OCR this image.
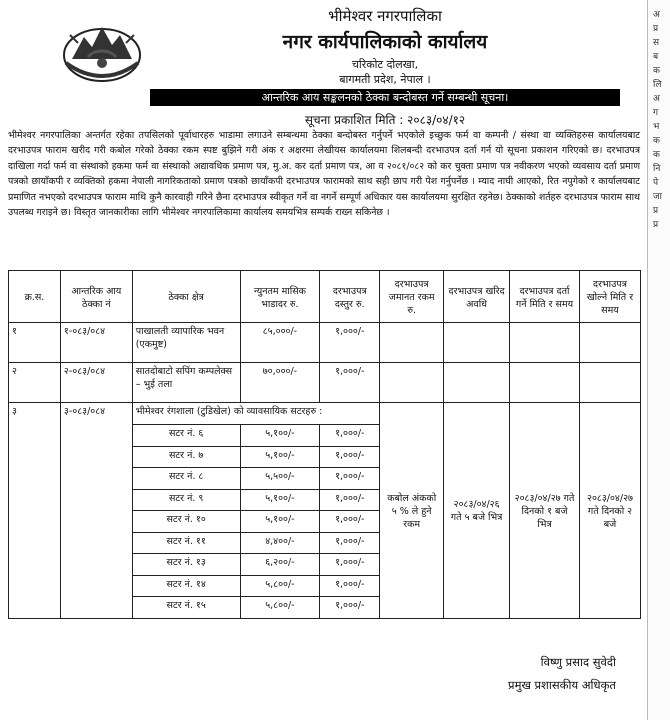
भीमेश्वर नगरपालिका
नगर कार्यपालिकाको कार्यालय
चरिकोट दोलखा,
बागमती प्रदेश, नेपाल ।
आन्तरिक आय सङ्कलनको ठेक्का बन्दोबस्त गर्ने सम्बन्धी सूचना।
सूचना प्रकाशित मिति : २०८३/०४/१२
भीमेश्वर नगरपालिका अन्तर्गत रहेका तपसिलको पूर्वाधारहरु भाडामा लगाउने सम्बन्धमा ठेक्का बन्दोबस्त गर्नुपर्ने भएकोले इच्छुक फर्म वा कम्पनी / संस्था वा व्यक्तिहरुस कार्यालयबाट दरभाउपत्र फाराम खरीद गरी कबोल गरेको ठेक्का रकम स्पष्ट बुझिने गरी अंक र अक्षरमा लेखीयस कार्यालयमा शिलबन्दी दरभाउपत्र दर्ता गर्न यो सूचना प्रकाशन गरिएको छ। दरभाउपत्र दाखिला गर्दा फर्म वा संस्थाको हकमा फर्म वा संस्थाको अद्यावधिक प्रमाण पत्र, मु.अ. कर दर्ता प्रमाण पत्र, आ व २०८१/०८२ को कर चुक्ता प्रमाण पत्र नवीकरण भएको व्यवसाय दर्ता प्रमाण पत्रको छायाँकपी र व्यक्तिको हकमा नेपाली नागरिकताको प्रमाण पत्रको छायाँकपी दरभाउपत्र फारामको साथ सही छाप गरी पेश गर्नुपर्नेछ । म्याद नाघी आएको, रित नपुगेको र कार्यालयबाट प्रमाणित नभएको दरभाउपत्र फाराम माथि कुनै कारवाही गरिने छैना दरभाउपत्र स्वीकृत गर्ने वा नगर्ने सम्पूर्ण अधिकार यस कार्यालयमा सुरक्षित रहनेछ। ठेक्काको शर्तहरु दरभाउपत्र फाराम साथ उपलब्ध गराइने छ। विस्तृत जानकारीका लागि भीमेश्वर नगरपालिकामा कार्यालय समयभित्र सम्पर्क राख्न सकिनेछ ।
क्र.स.	आन्तरिक आय ठेक्का नं	ठेक्का क्षेत्र	न्युनतम मासिक भाडादर रु.	दरभाउपत्र दस्तुर रु.	दरभाउपत्र जमानत रकम रु.	दरभाउपत्र खरिद अवधि	दरभाउपत्र दर्ता गर्ने मिति र समय	दरभाउपत्र खोल्ने मिति र समय
१	१-०८३/०८४	पाखालती व्यापारिक भवन (एकमुष्ट)	८५,०००/-	१,०००/-				
२	२-०८३/०८४	सातदोबाटो सपिंग कम्पलेक्स – भुई तला	७०,०००/-	१,०००/-				
३	३-०८३/०८४	भीमेश्वर रंगशाला (टुडिखेल) को व्यावसायिक सटरहरु :			कबोल अंकको ५ % ले हुने रकम	२०८३/०४/२६ गते ५ बजे भित्र	२०८३/०४/२७ गते दिनको १ बजे भित्र	२०८३/०४/२७ गते दिनको २ बजे
		सटर नं. ६	५,१००/-	१,०००/-				
		सटर नं. ७	५,१००/-	१,०००/-				
		सटर नं. ८	५,५००/-	१,०००/-				
		सटर नं. ९	५,१००/-	१,०००/-				
		सटर नं. १०	५,१००/-	१,०००/-				
		सटर नं. ११	४,४००/-	१,०००/-				
		सटर नं. १३	६,२००/-	१,०००/-				
		सटर नं. १४	५,८००/-	१,०००/-				
		सटर नं. १५	५,८००/-	१,०००/-				
विष्णु प्रसाद सुवेदी
प्रमुख प्रशासकीय अधिकृत
अ
प्र
स
ब
क
लि
अ
ग
भ
क
क
नि
पे
जा
प्र
प्र
